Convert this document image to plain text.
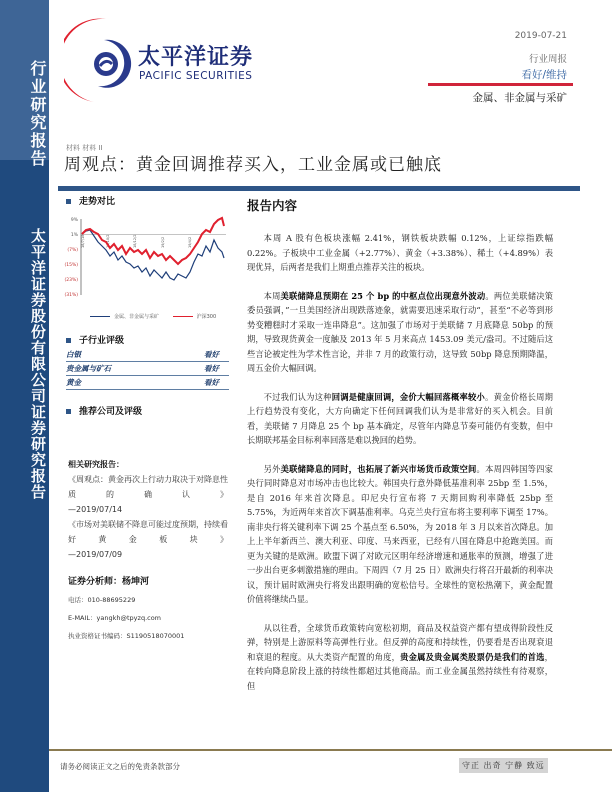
行业研究报告
太平洋证券股份有限公司证券研究报告
太平洋证券
PACIFIC SECURITIES
2019-07-21
行业周报
看好/维持
金属、非金属与采矿
材料 材料 II
周观点：黄金回调推荐买入，工业金属或已触底
走势对比
9%
1%
(7%)
(15%)
(23%)
(31%)
18/7/18	18/10/2	18/12/2	19/2/2	19/4/2
金属、非金属与采矿
	沪深300
子行业评级
白银	看好
贵金属与矿石	看好
黄金	看好
推荐公司及评级
相关研究报告：
《周观点：黄金再次上行动力取决于对降息性质的确认》
—2019/07/14
《市场对美联储不降息可能过度预期，持续看好黄金板块》
—2019/07/09
证券分析师：杨坤河
电话：010-88695229
E-MAIL：yangkh@tpyzq.com
执业资格证书编码：S1190518070001
报告内容

本周 A 股有色板块涨幅 2.41%，钢铁板块跌幅 0.12%，上证综指跌幅 0.22%。子板块中工业金属（+2.77%）、黄金（+3.38%）、稀土（+4.89%）表现优异，后两者是我们上期重点推荐关注的板块。

本周美联储降息预期在 25 个 bp 的中枢点位出现意外波动。两位美联储决策委员强调，”一旦美国经济出现跌落迹象，就需要迅速采取行动“，甚至“不必等到形势变糟糕时才采取一连串降息”。这加强了市场对于美联储 7 月底降息 50bp 的预期，导致现货黄金一度触及 2013 年 5 月来高点 1453.09 美元/盎司。不过随后这些言论被定性为学术性言论，并非 7 月的政策行动，这导致 50bp 降息预期降温，周五金价大幅回调。

不过我们认为这种回调是健康回调，金价大幅回落概率较小。黄金价格长周期上行趋势没有变化，大方向确定下任何回调我们认为是非常好的买入机会。目前看，美联储 7 月降息 25 个 bp 基本确定，尽管年内降息节奏可能仍有变数，但中长期联邦基金目标利率回落是难以挽回的趋势。

另外美联储降息的同时，也拓展了新兴市场货币政策空间。本周四韩国等四家央行同时降息对市场冲击也比较大。韩国央行意外降低基准利率 25bp 至 1.5%，是自 2016 年来首次降息。印尼央行宣布将 7 天期回购利率降低 25bp 至 5.75%，为近两年来首次下调基准利率。乌克兰央行宣布将主要利率下调至 17%。南非央行将关键利率下调 25 个基点至 6.50%，为 2018 年 3 月以来首次降息。加上上半年新西兰、澳大利亚、印度、马来西亚，已经有八国在降息中抢跑美国。而更为关键的是欧洲。欧盟下调了对欧元区明年经济增速和通胀率的预测，增强了进一步出台更多刺激措施的理由。下周四（7 月 25 日）欧洲央行将召开最新的利率决议，预计届时欧洲央行将发出跟明确的宽松信号。全球性的宽松热潮下，黄金配置价值将继续凸显。

从以往看，全球货币政策转向宽松初期，商品及权益资产都有望成得阶段性反弹，特别是上游原料等高弹性行业。但反弹的高度和持续性，仍要看是否出现衰退和衰退的程度。从大类资产配置的角度，贵金属及贵金属类股票仍是我们的首选，在转向降息阶段上涨的持续性都超过其他商品。而工业金属虽然持续性有待观察，但

请务必阅读正文之后的免责条款部分	守正 出奇 宁静 致远
